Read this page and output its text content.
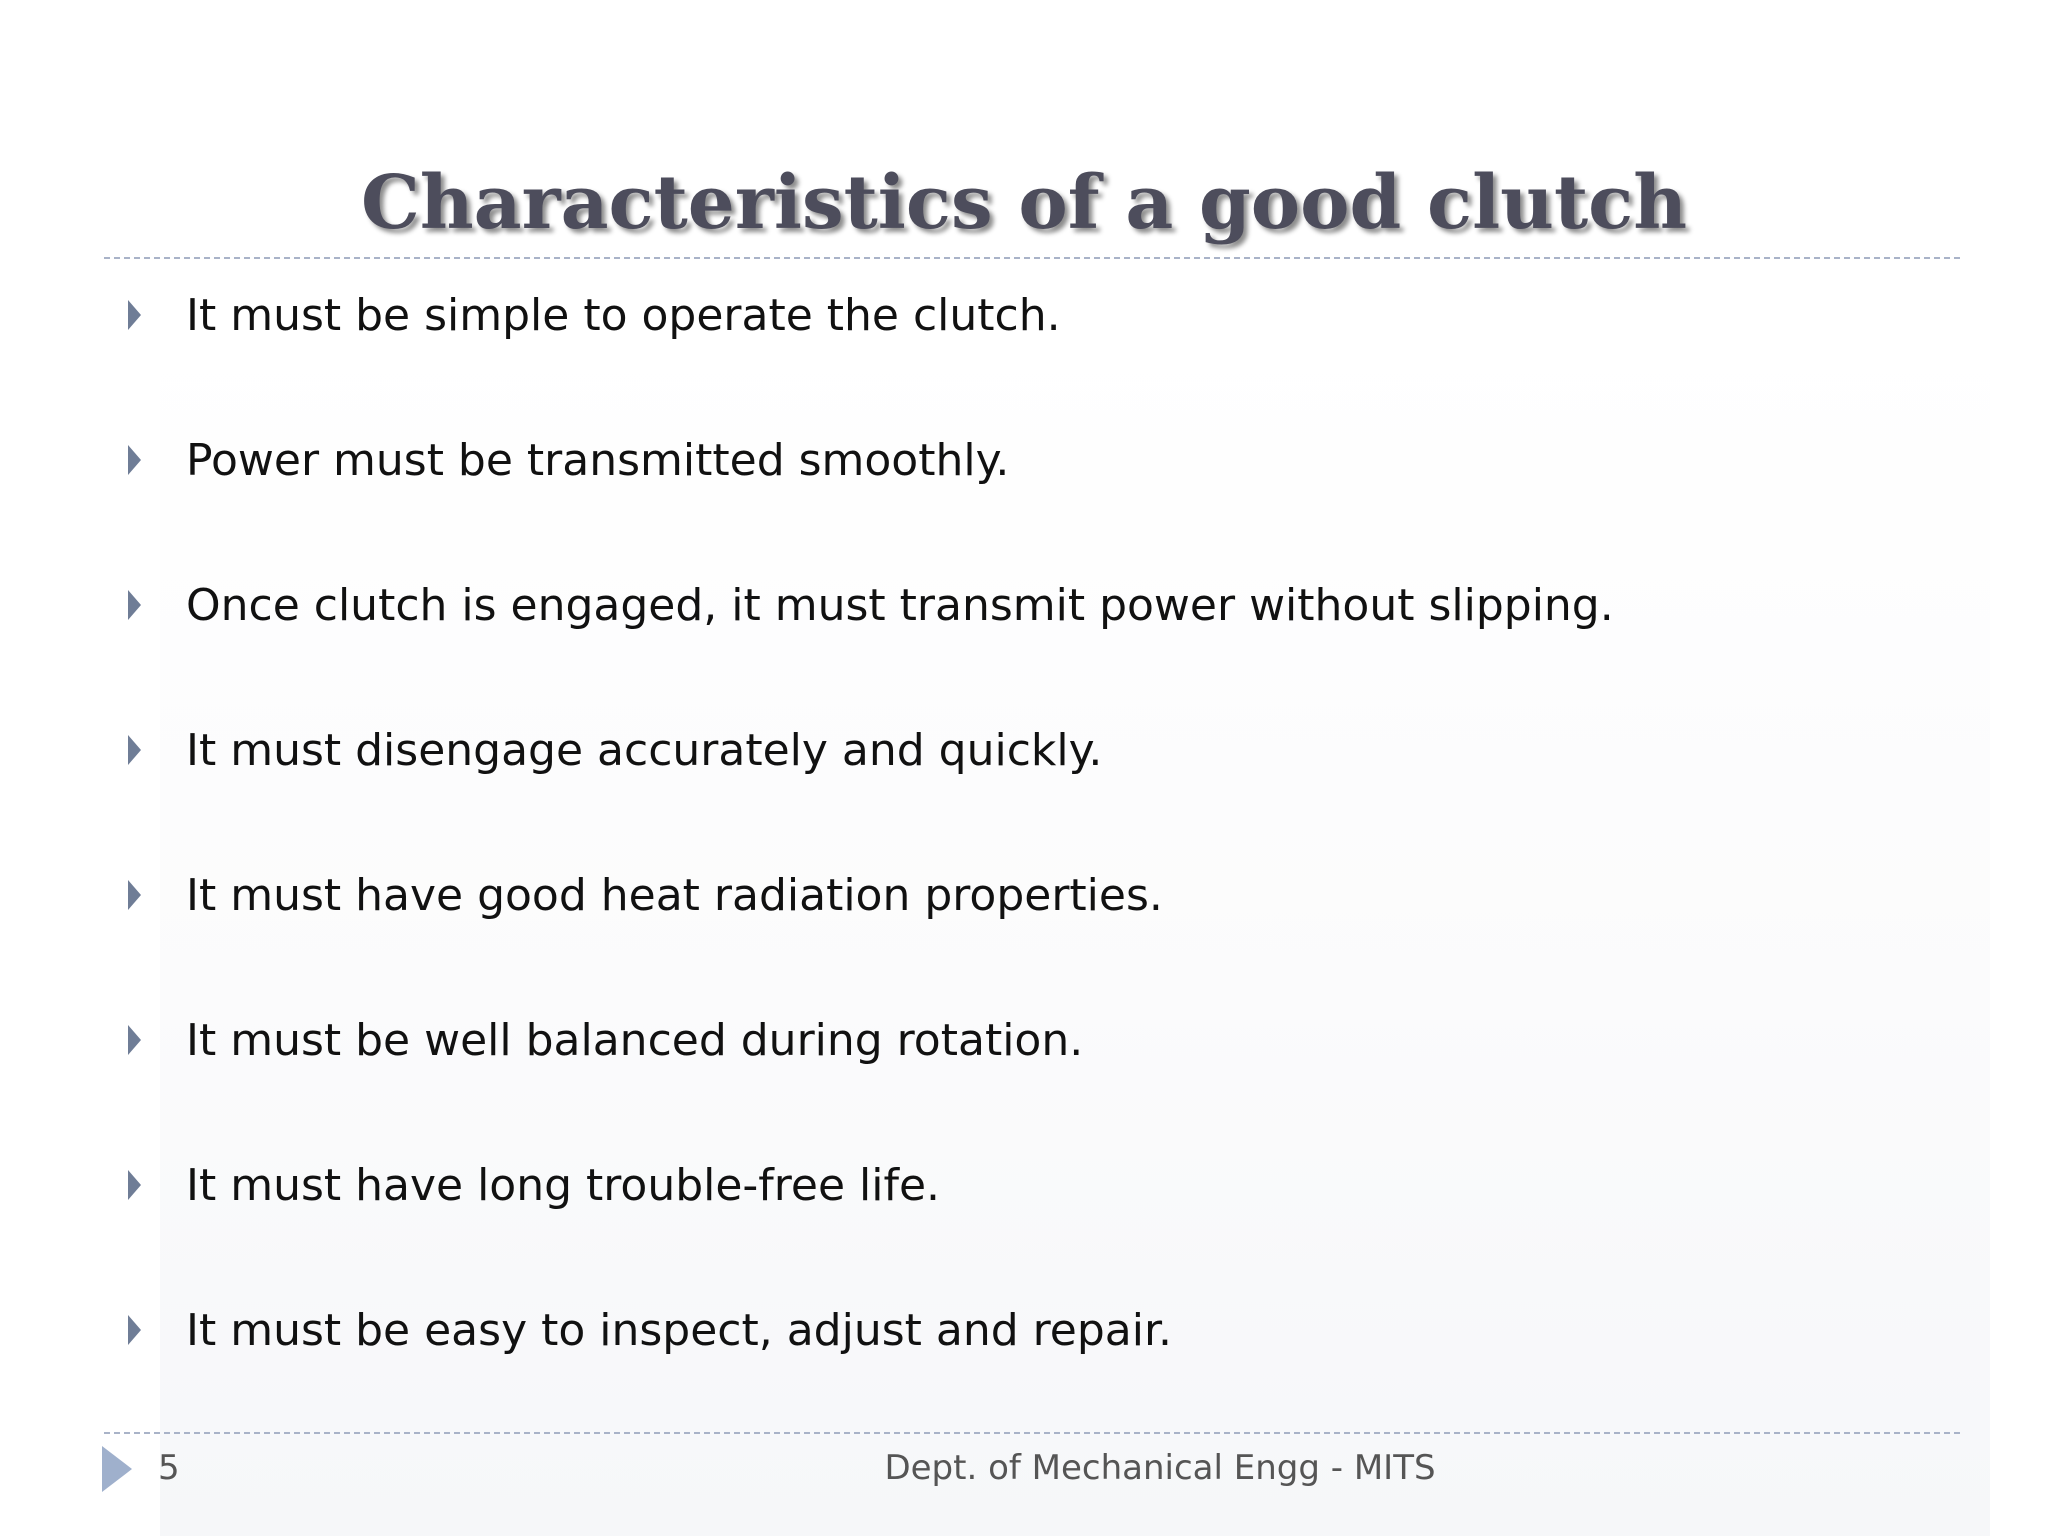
Characteristics of a good clutch
It must be simple to operate the clutch.
Power must be transmitted smoothly.
Once clutch is engaged, it must transmit power without slipping.
It must disengage accurately and quickly.
It must have good heat radiation properties.
It must be well balanced during rotation.
It must have long trouble-free life.
It must be easy to inspect, adjust and repair.
5	Dept. of Mechanical Engg - MITS
